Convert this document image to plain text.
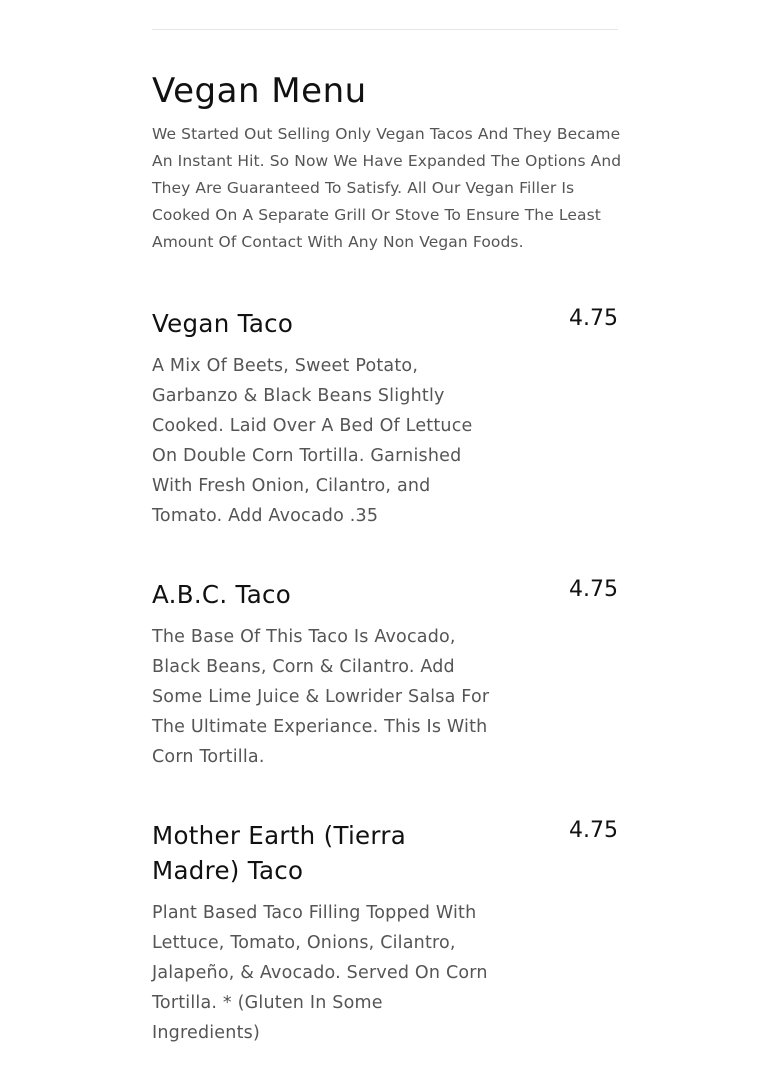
Vegan Menu

We Started Out Selling Only Vegan Tacos And They Became An Instant Hit. So Now We Have Expanded The Options And They Are Guaranteed To Satisfy. All Our Vegan Filler Is Cooked On A Separate Grill Or Stove To Ensure The Least Amount Of Contact With Any Non Vegan Foods.

Vegan Taco	4.75

A Mix Of Beets, Sweet Potato, Garbanzo & Black Beans Slightly Cooked. Laid Over A Bed Of Lettuce On Double Corn Tortilla. Garnished With Fresh Onion, Cilantro, and Tomato. Add Avocado .35

A.B.C. Taco	4.75

The Base Of This Taco Is Avocado, Black Beans, Corn & Cilantro. Add Some Lime Juice & Lowrider Salsa For The Ultimate Experiance. This Is With Corn Tortilla.

Mother Earth (Tierra Madre) Taco
4.75

Plant Based Taco Filling Topped With Lettuce, Tomato, Onions, Cilantro, Jalapeño, & Avocado. Served On Corn Tortilla. * (Gluten In Some Ingredients)
